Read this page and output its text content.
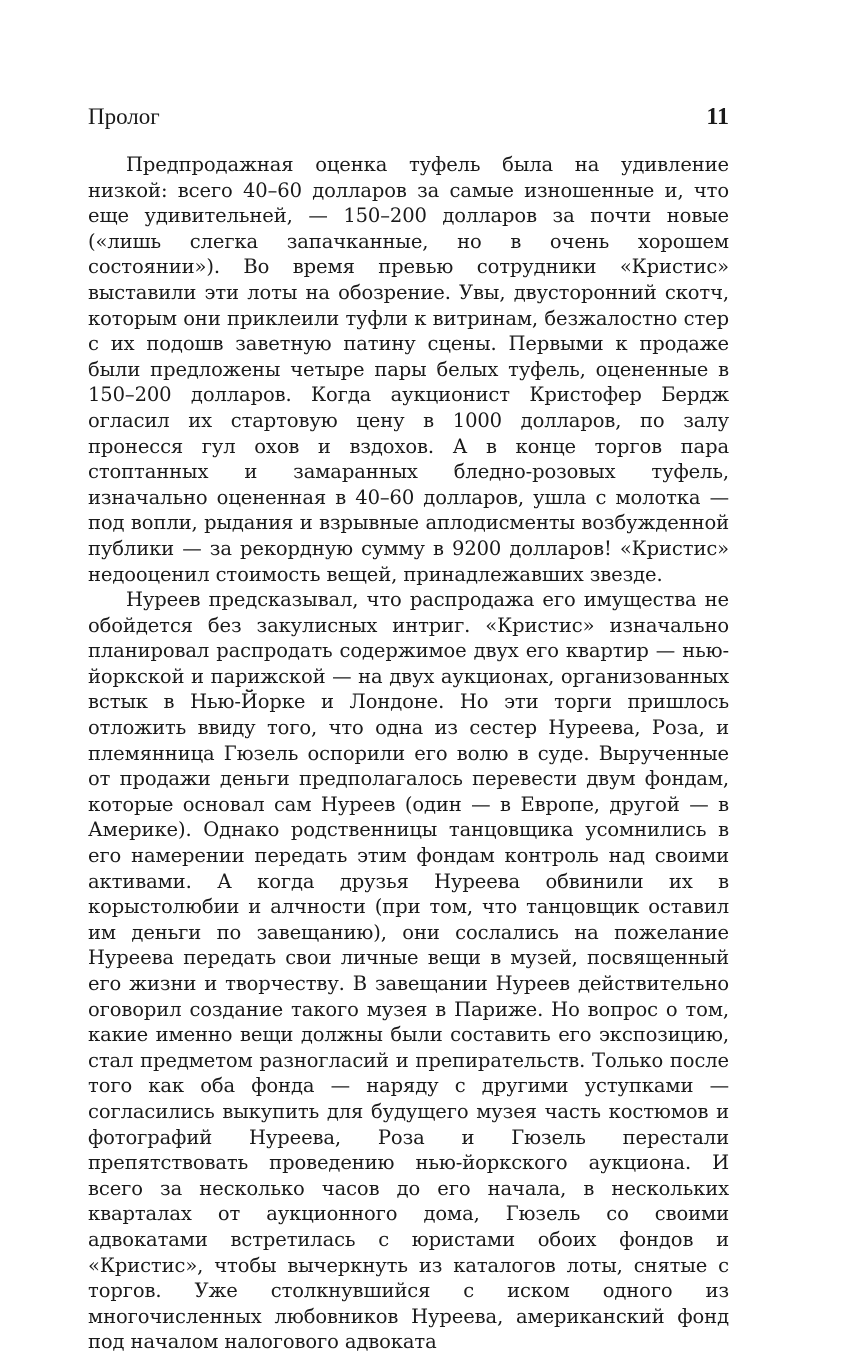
Пролог	11

Предпродажная оценка туфель была на удивление низкой: всего 40–60 долларов за самые изношенные и, что еще удивительней, — 150–200 долларов за почти новые («лишь слегка запачканные, но в очень хорошем состоянии»). Во время превью сотрудники «Кристис» выставили эти лоты на обозрение. Увы, двусторонний скотч, которым они приклеили туфли к витринам, безжалостно стер с их подошв заветную патину сцены. Первыми к продаже были предложены четыре пары белых туфель, оцененные в 150–200 долларов. Когда аукционист Кристофер Бердж огласил их стартовую цену в 1000 долларов, по залу пронесся гул охов и вздохов. А в конце торгов пара стоптанных и замаранных бледно-розовых туфель, изначально оцененная в 40–60 долларов, ушла с молотка — под вопли, рыдания и взрывные аплодисменты возбужденной публики — за рекордную сумму в 9200 долларов! «Кристис» недооценил стоимость вещей, принадлежавших звезде.

Нуреев предсказывал, что распродажа его имущества не обойдется без закулисных интриг. «Кристис» изначально планировал распродать содержимое двух его квартир — нью-йоркской и парижской — на двух аукционах, организованных встык в Нью-Йорке и Лондоне. Но эти торги пришлось отложить ввиду того, что одна из сестер Нуреева, Роза, и племянница Гюзель оспорили его волю в суде. Вырученные от продажи деньги предполагалось перевести двум фондам, которые основал сам Нуреев (один — в Европе, другой — в Америке). Однако родственницы танцовщика усомнились в его намерении передать этим фондам контроль над своими активами. А когда друзья Нуреева обвинили их в корыстолюбии и алчности (при том, что танцовщик оставил им деньги по завещанию), они сослались на пожелание Нуреева передать свои личные вещи в музей, посвященный его жизни и творчеству. В завещании Нуреев действительно оговорил создание такого музея в Париже. Но вопрос о том, какие именно вещи должны были составить его экспозицию, стал предметом разногласий и препирательств. Только после того как оба фонда — наряду с другими уступками — согласились выкупить для будущего музея часть костюмов и фотографий Нуреева, Роза и Гюзель перестали препятствовать проведению нью-йоркского аукциона. И всего за несколько часов до его начала, в нескольких кварталах от аукционного дома, Гюзель со своими адвокатами встретилась с юристами обоих фондов и «Кристис», чтобы вычеркнуть из каталогов лоты, снятые с торгов. Уже столкнувшийся с иском одного из многочисленных любовников Нуреева, американский фонд под началом налогового адвоката
